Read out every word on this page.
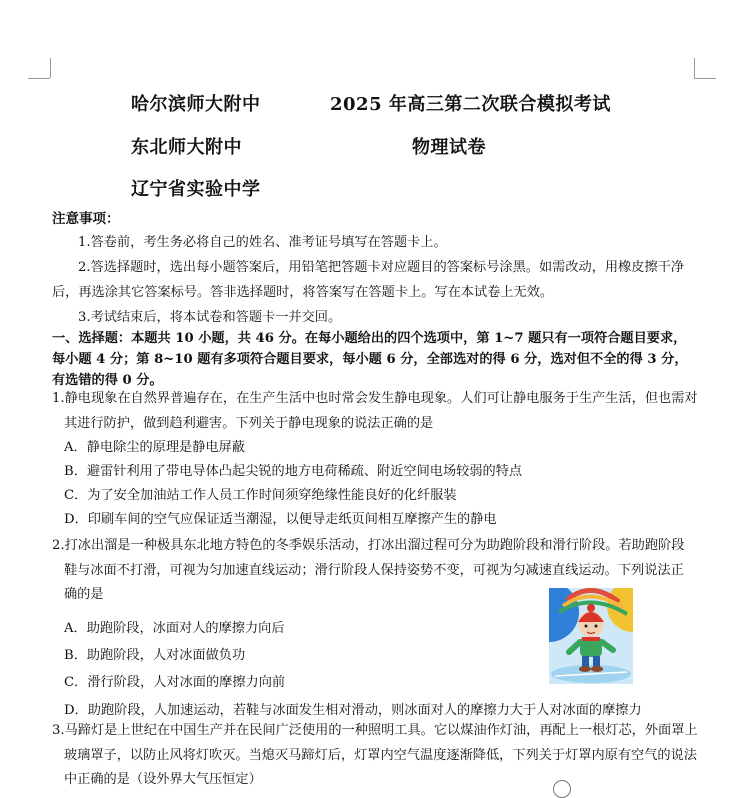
哈尔滨师大附中	2025 年高三第二次联合模拟考试
东北师大附中	物理试卷
辽宁省实验中学
注意事项：
1.答卷前，考生务必将自己的姓名、准考证号填写在答题卡上。
2.答选择题时，选出每小题答案后，用铅笔把答题卡对应题目的答案标号涂黑。如需改动，用橡皮擦干净后，再选涂其它答案标号。答非选择题时，将答案写在答题卡上。写在本试卷上无效。
3.考试结束后，将本试卷和答题卡一并交回。
一、选择题：本题共 10 小题，共 46 分。在每小题给出的四个选项中，第 1~7 题只有一项符合题目要求，每小题 4 分；第 8~10 题有多项符合题目要求，每小题 6 分，全部选对的得 6 分，选对但不全的得 3 分，有选错的得 0 分。
1.静电现象在自然界普遍存在，在生产生活中也时常会发生静电现象。人们可让静电服务于生产生活，但也需对其进行防护，做到趋利避害。下列关于静电现象的说法正确的是
A．静电除尘的原理是静电屏蔽
B．避雷针利用了带电导体凸起尖锐的地方电荷稀疏、附近空间电场较弱的特点
C．为了安全加油站工作人员工作时间须穿绝缘性能良好的化纤服装
D．印刷车间的空气应保证适当潮湿，以便导走纸页间相互摩擦产生的静电
2.打冰出溜是一种极具东北地方特色的冬季娱乐活动，打冰出溜过程可分为助跑阶段和滑行阶段。若助跑阶段鞋与冰面不打滑，可视为匀加速直线运动；滑行阶段人保持姿势不变，可视为匀减速直线运动。下列说法正确的是
A．助跑阶段，冰面对人的摩擦力向后
B．助跑阶段，人对冰面做负功
C．滑行阶段，人对冰面的摩擦力向前
D．助跑阶段，人加速运动，若鞋与冰面发生相对滑动，则冰面对人的摩擦力大于人对冰面的摩擦力
3.马蹄灯是上世纪在中国生产并在民间广泛使用的一种照明工具。它以煤油作灯油，再配上一根灯芯，外面罩上玻璃罩子，以防止风将灯吹灭。当熄灭马蹄灯后，灯罩内空气温度逐渐降低，下列关于灯罩内原有空气的说法中正确的是（设外界大气压恒定）
